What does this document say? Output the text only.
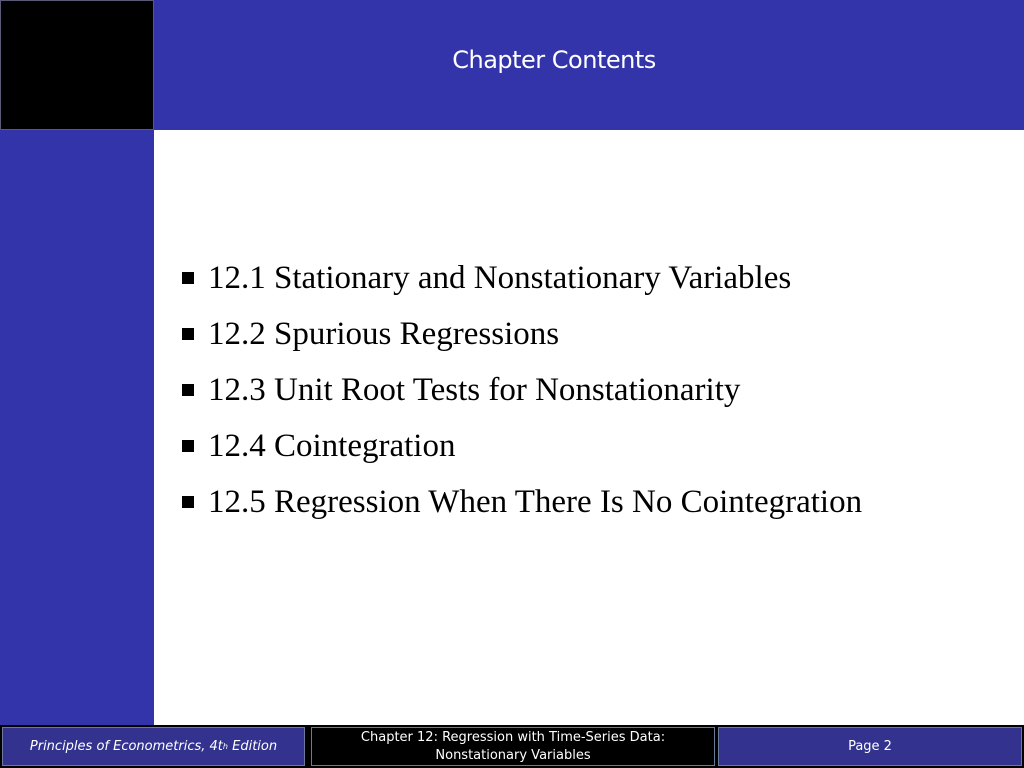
Chapter Contents
12.1 Stationary and Nonstationary Variables
12.2 Spurious Regressions
12.3 Unit Root Tests for Nonstationarity
12.4 Cointegration
12.5 Regression When There Is No Cointegration
Principles of Econometrics, 4t h Edition
Chapter 12: Regression with Time-Series Data:
Nonstationary Variables
Page 2
